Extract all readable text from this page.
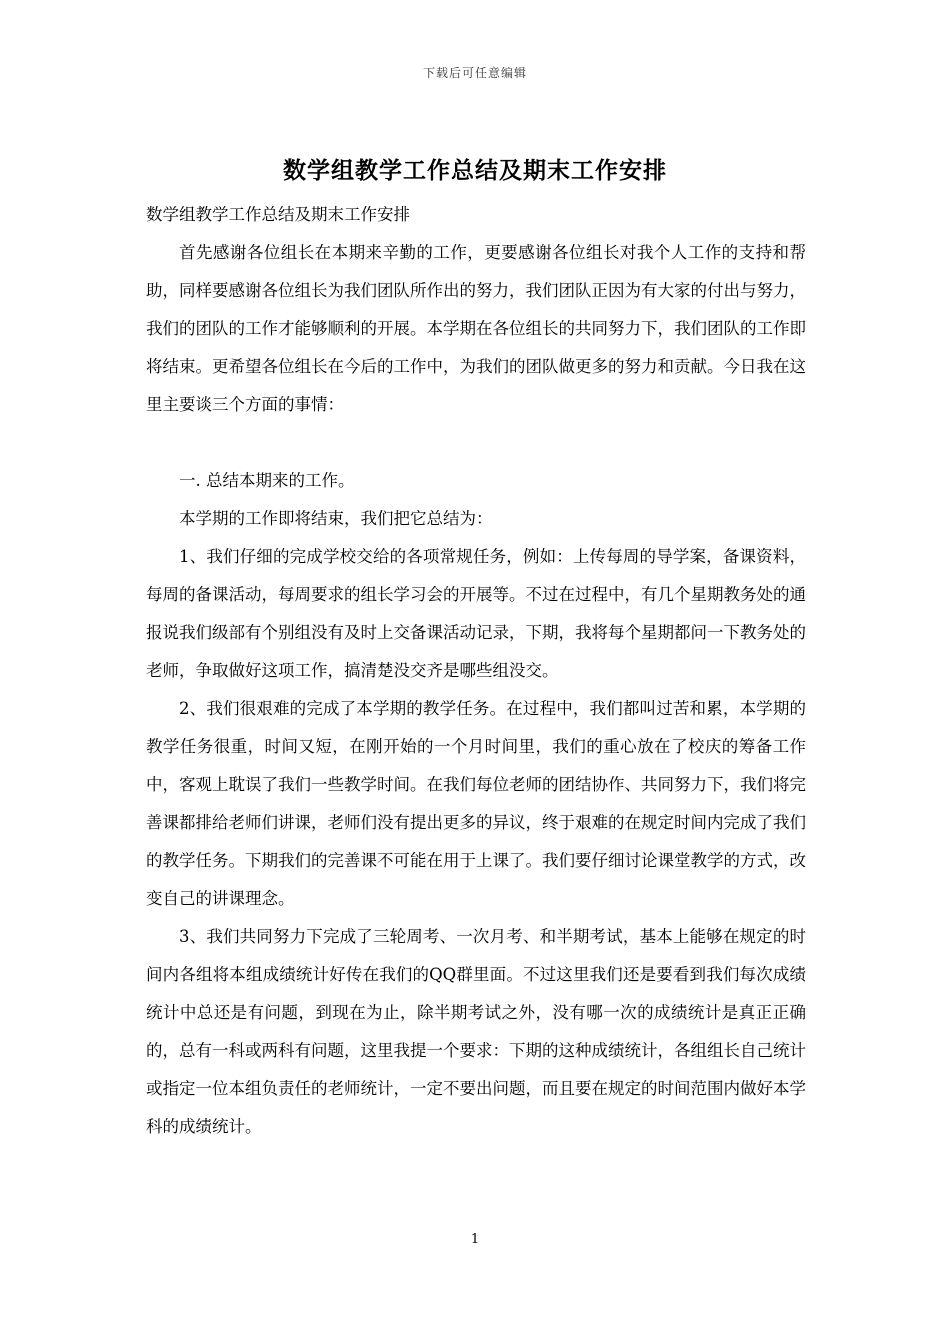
下载后可任意编辑
数学组教学工作总结及期末工作安排

数学组教学工作总结及期末工作安排

首先感谢各位组长在本期来辛勤的工作，更要感谢各位组长对我个人工作的支持和帮助，同样要感谢各位组长为我们团队所作出的努力，我们团队正因为有大家的付出与努力，我们的团队的工作才能够顺利的开展。本学期在各位组长的共同努力下，我们团队的工作即将结束。更希望各位组长在今后的工作中，为我们的团队做更多的努力和贡献。今日我在这里主要谈三个方面的事情：

一. 总结本期来的工作。

本学期的工作即将结束，我们把它总结为：

1、我们仔细的完成学校交给的各项常规任务，例如：上传每周的导学案，备课资料，每周的备课活动，每周要求的组长学习会的开展等。不过在过程中，有几个星期教务处的通报说我们级部有个别组没有及时上交备课活动记录，下期，我将每个星期都问一下教务处的老师，争取做好这项工作，搞清楚没交齐是哪些组没交。

2、我们很艰难的完成了本学期的教学任务。在过程中，我们都叫过苦和累，本学期的教学任务很重，时间又短，在刚开始的一个月时间里，我们的重心放在了校庆的筹备工作中，客观上耽误了我们一些教学时间。在我们每位老师的团结协作、共同努力下，我们将完善课都排给老师们讲课，老师们没有提出更多的异议，终于艰难的在规定时间内完成了我们的教学任务。下期我们的完善课不可能在用于上课了。我们要仔细讨论课堂教学的方式，改变自己的讲课理念。

3、我们共同努力下完成了三轮周考、一次月考、和半期考试，基本上能够在规定的时间内各组将本组成绩统计好传在我们的QQ群里面。不过这里我们还是要看到我们每次成绩统计中总还是有问题，到现在为止，除半期考试之外，没有哪一次的成绩统计是真正正确的，总有一科或两科有问题，这里我提一个要求：下期的这种成绩统计，各组组长自己统计或指定一位本组负责任的老师统计，一定不要出问题，而且要在规定的时间范围内做好本学科的成绩统计。

1
